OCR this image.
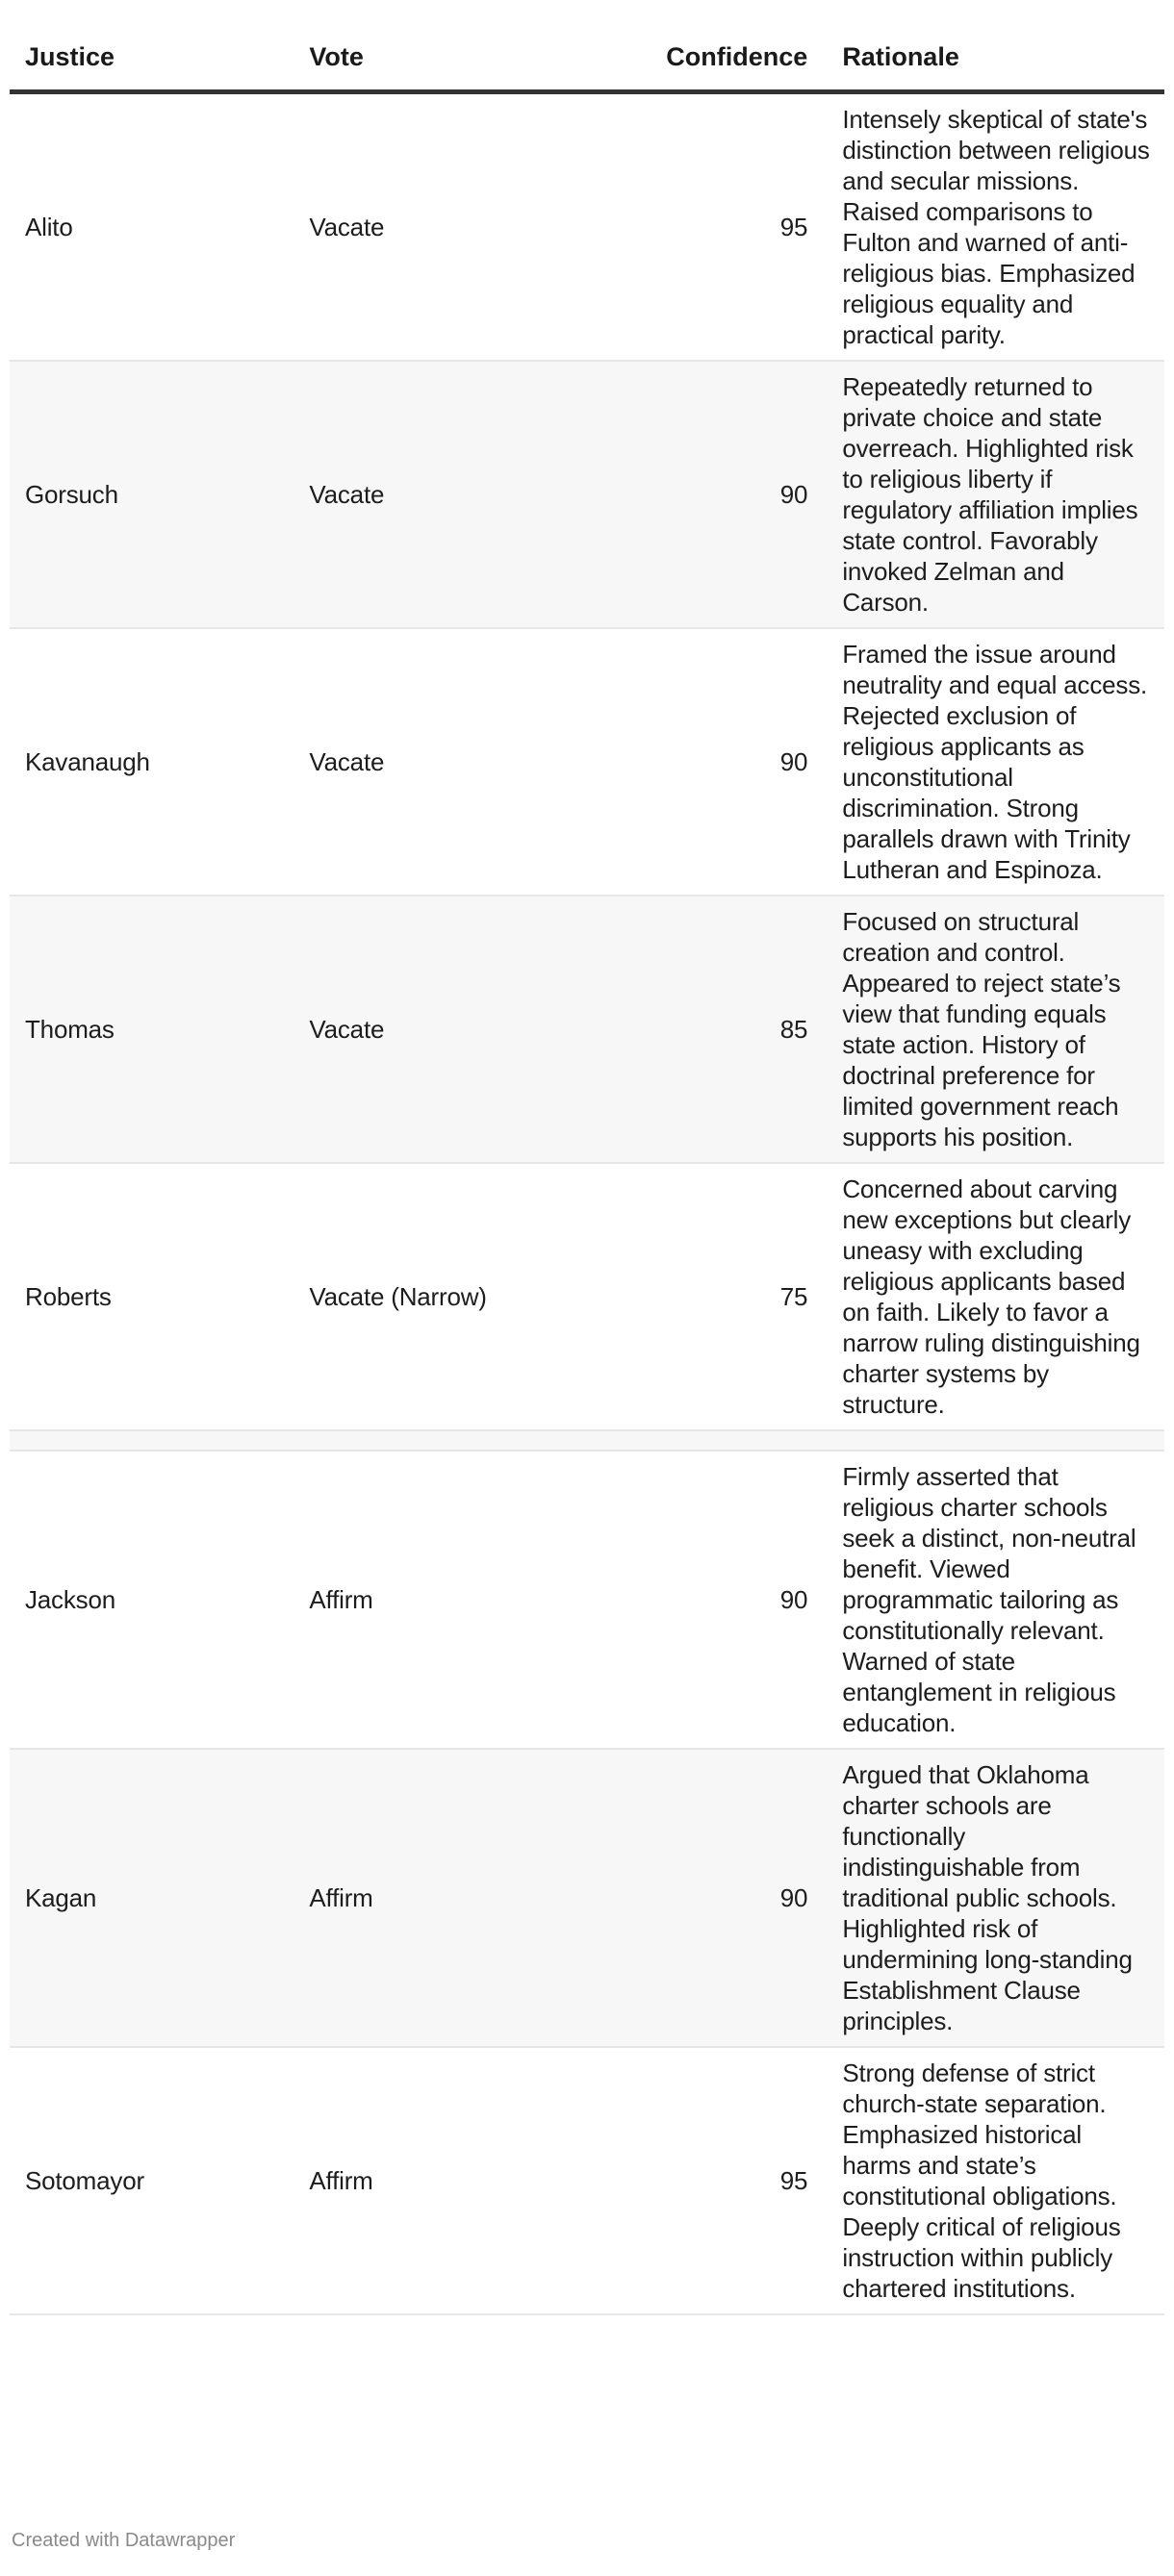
Justice	Vote	Confidence	Rationale
Alito	Vacate	95	Intensely skeptical of state's distinction between religious and secular missions. Raised comparisons to Fulton and warned of anti-religious bias. Emphasized religious equality and practical parity.
Gorsuch	Vacate	90	Repeatedly returned to private choice and state overreach. Highlighted risk to religious liberty if regulatory affiliation implies state control. Favorably invoked Zelman and Carson.
Kavanaugh	Vacate	90	Framed the issue around neutrality and equal access. Rejected exclusion of religious applicants as unconstitutional discrimination. Strong parallels drawn with Trinity Lutheran and Espinoza.
Thomas	Vacate	85	Focused on structural creation and control. Appeared to reject state’s view that funding equals state action. History of doctrinal preference for limited government reach supports his position.
Roberts	Vacate (Narrow)	75	Concerned about carving new exceptions but clearly uneasy with excluding religious applicants based on faith. Likely to favor a narrow ruling distinguishing charter systems by structure.

Jackson	Affirm	90	Firmly asserted that religious charter schools seek a distinct, non-neutral benefit. Viewed programmatic tailoring as constitutionally relevant. Warned of state entanglement in religious education.
Kagan	Affirm	90	Argued that Oklahoma charter schools are functionally indistinguishable from traditional public schools. Highlighted risk of undermining long-standing Establishment Clause principles.
Sotomayor	Affirm	95	Strong defense of strict church-state separation. Emphasized historical harms and state’s constitutional obligations. Deeply critical of religious instruction within publicly chartered institutions.
Created with Datawrapper
